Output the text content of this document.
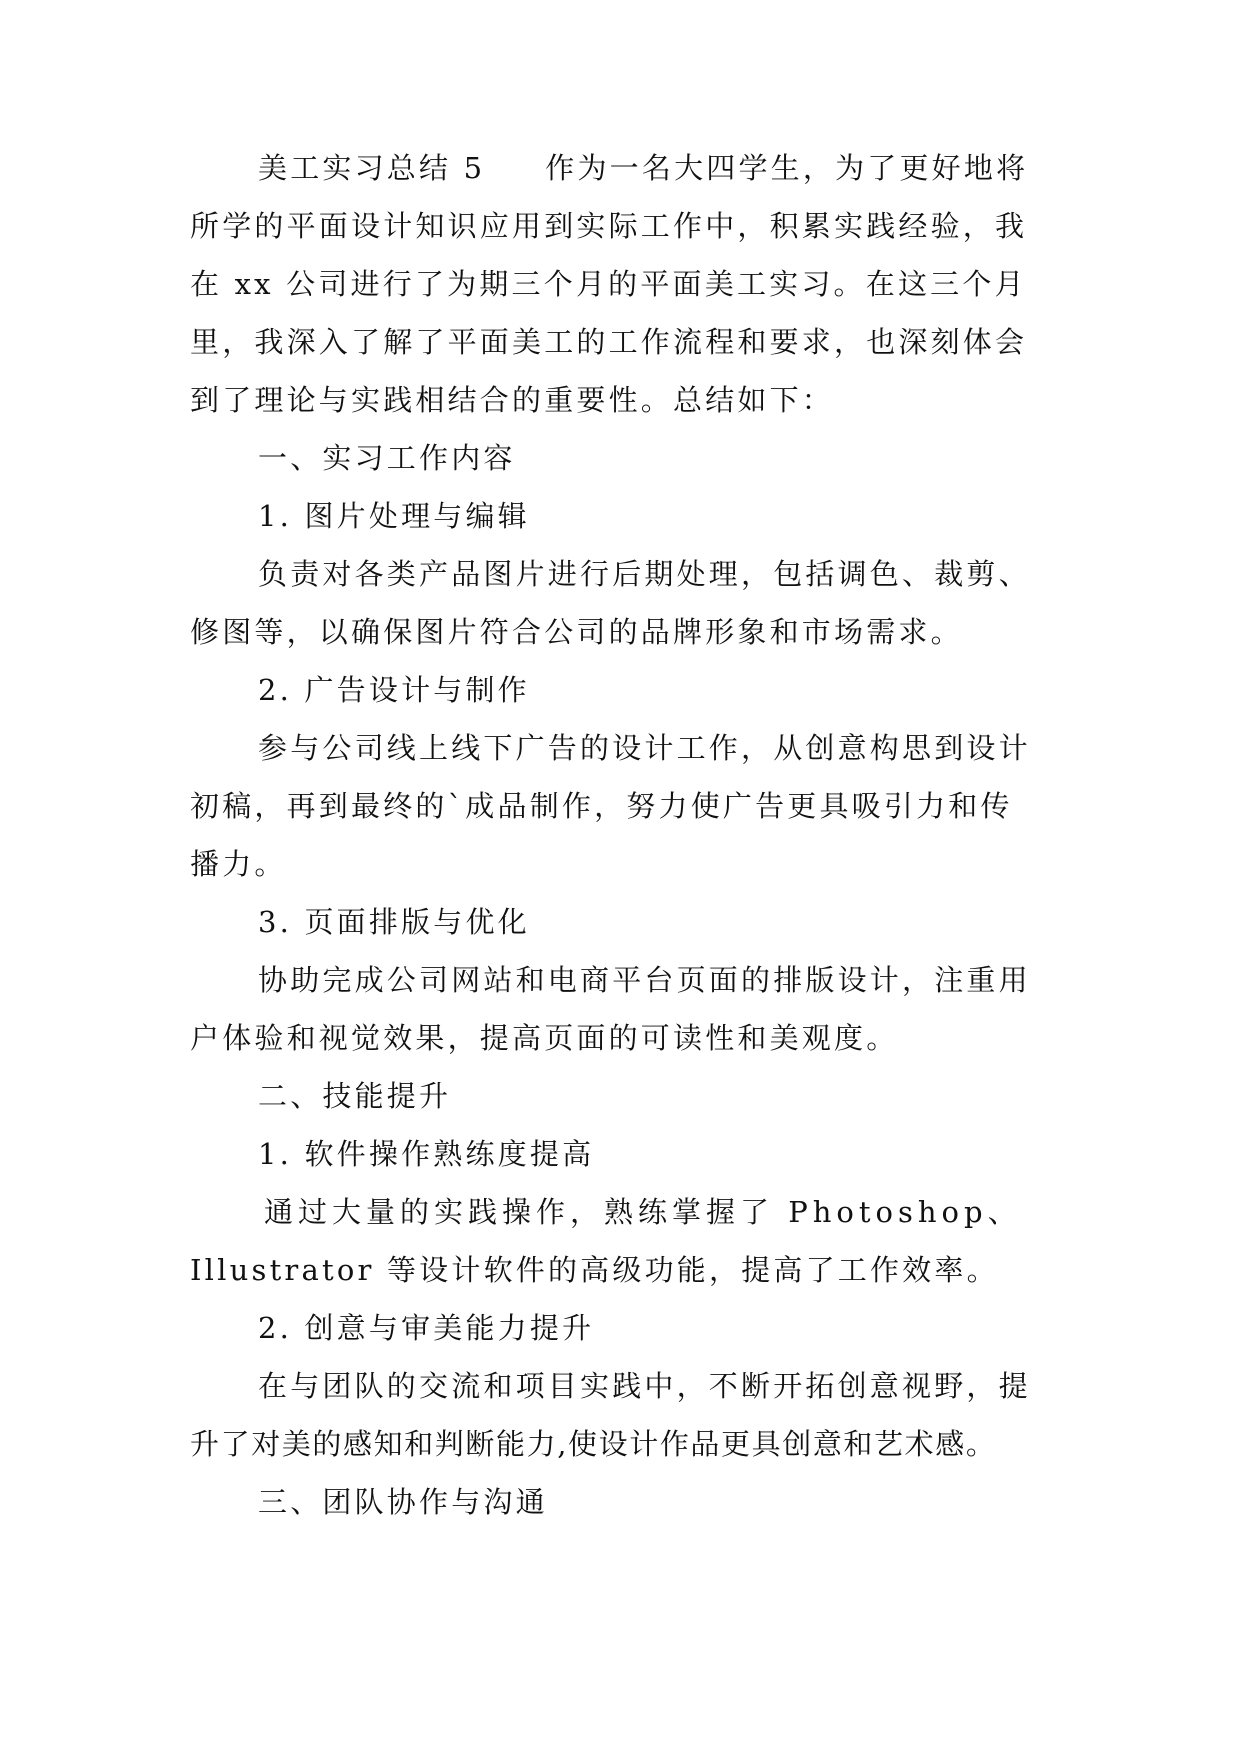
美工实习总结 5 作为一名大四学生，为了更好地将
所学的平面设计知识应用到实际工作中，积累实践经验，我
在 xx 公司进行了为期三个月的平面美工实习。在这三个月
里，我深入了解了平面美工的工作流程和要求，也深刻体会
到了理论与实践相结合的重要性。总结如下：
一、实习工作内容
1. 图片处理与编辑
负责对各类产品图片进行后期处理，包括调色、裁剪、
修图等，以确保图片符合公司的品牌形象和市场需求。
2. 广告设计与制作
参与公司线上线下广告的设计工作，从创意构思到设计
初稿，再到最终的`成品制作，努力使广告更具吸引力和传
播力。
3. 页面排版与优化
协助完成公司网站和电商平台页面的排版设计，注重用
户体验和视觉效果，提高页面的可读性和美观度。
二、技能提升
1. 软件操作熟练度提高
通过大量的实践操作，熟练掌握了 Photoshop、
Illustrator 等设计软件的高级功能，提高了工作效率。
2. 创意与审美能力提升
在与团队的交流和项目实践中，不断开拓创意视野，提
升了对美的感知和判断能力,使设计作品更具创意和艺术感。
三、团队协作与沟通
